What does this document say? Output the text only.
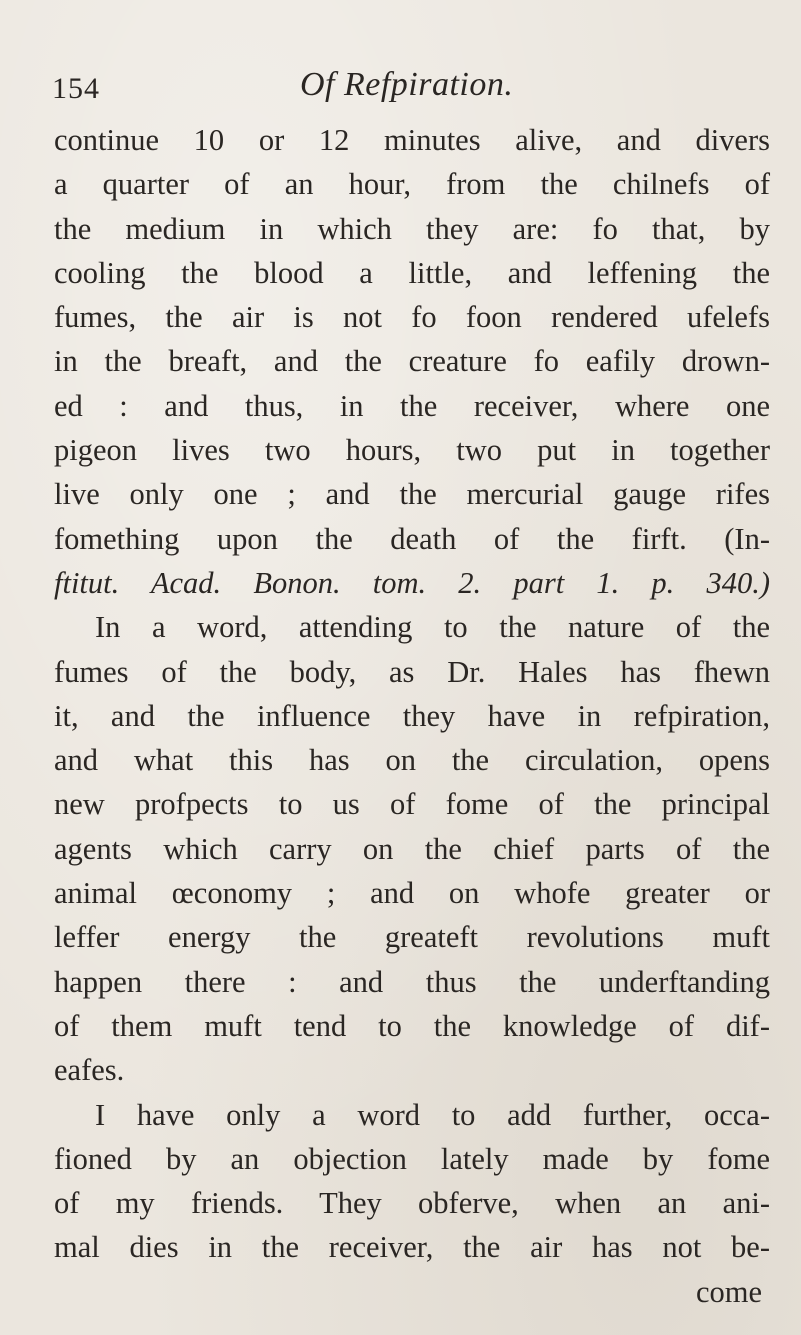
154	Of Refpiration.
continue 10 or 12 minutes alive, and divers
a quarter of an hour, from the chilnefs of
the medium in which they are: fo that, by
cooling the blood a little, and leffening the
fumes, the air is not fo foon rendered ufelefs
in the breaft, and the creature fo eafily drown-
ed : and thus, in the receiver, where one
pigeon lives two hours, two put in together
live only one ; and the mercurial gauge rifes
fomething upon the death of the firft. (In-
ftitut. Acad. Bonon. tom. 2. part 1. p. 340.)
In a word, attending to the nature of the
fumes of the body, as Dr. Hales has fhewn
it, and the influence they have in refpiration,
and what this has on the circulation, opens
new profpects to us of fome of the principal
agents which carry on the chief parts of the
animal œconomy ; and on whofe greater or
leffer energy the greateft revolutions muft
happen there : and thus the underftanding
of them muft tend to the knowledge of dif-
eafes.
I have only a word to add further, occa-
fioned by an objection lately made by fome
of my friends. They obferve, when an ani-
mal dies in the receiver, the air has not be-
come
